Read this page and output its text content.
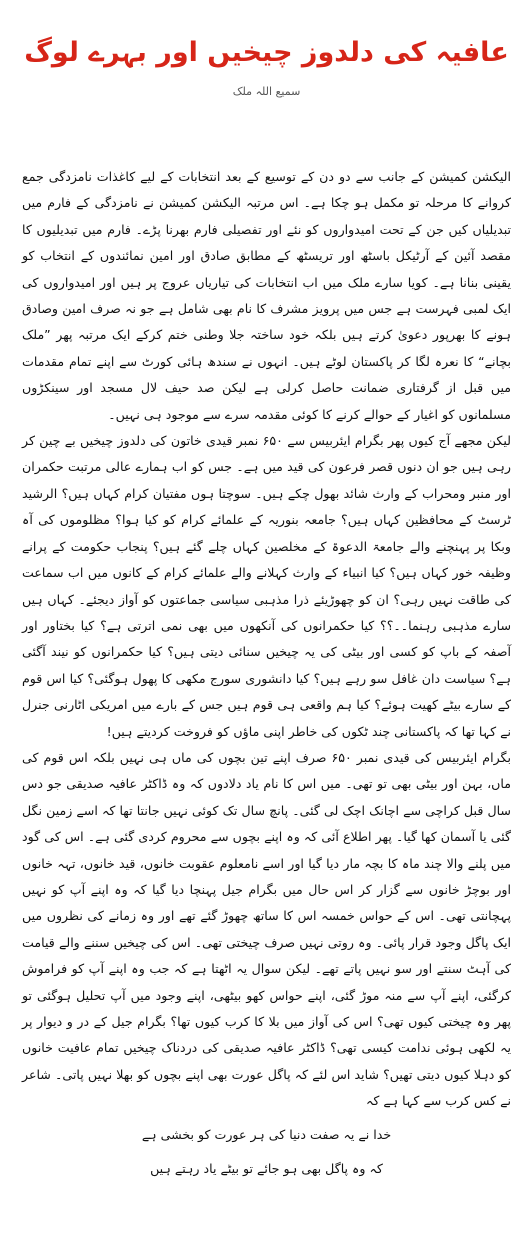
عافیہ کی دلدوز چیخیں اور بہرے لوگ
سمیع اللہ ملک

الیکشن کمیشن کے جانب سے دو دن کے توسیع کے بعد انتخابات کے لیے کاغذات نامزدگی جمع کروانے کا مرحلہ تو مکمل ہو چکا ہے۔ اس مرتبہ الیکشن کمیشن نے نامزدگی کے فارم میں تبدیلیاں کیں جن کے تحت امیدواروں کو نئے اور تفصیلی فارم بھرنا پڑے۔ فارم میں تبدیلیوں کا مقصد آئین کے آرٹیکل باسٹھ اور تریسٹھ کے مطابق صادق اور امین نمائندوں کے انتخاب کو یقینی بنانا ہے۔ کویا سارے ملک میں اب انتخابات کی تیاریاں عروج پر ہیں اور امیدواروں کی ایک لمبی فہرست ہے جس میں پرویز مشرف کا نام بھی شامل ہے جو نہ صرف امین وصادق ہونے کا بھرپور دعویٰ کرتے ہیں بلکہ خود ساختہ جلا وطنی ختم کرکے ایک مرتبہ پھر ”ملک بچانے“ کا نعرہ لگا کر پاکستان لوٹے ہیں۔ انہوں نے سندھ ہائی کورٹ سے اپنے تمام مقدمات میں قبل از گرفتاری ضمانت حاصل کرلی ہے لیکن صد حیف لال مسجد اور سینکڑوں مسلمانوں کو اغیار کے حوالے کرنے کا کوئی مقدمہ سرے سے موجود ہی نہیں۔

لیکن مجھے آج کیوں پھر بگرام ایئربیس سے ۶۵۰ نمبر قیدی خاتون کی دلدوز چیخیں بے چین کر رہی ہیں جو ان دنوں قصر فرعون کی قید میں ہے۔ جس کو اب ہمارے عالی مرتبت حکمران اور منبر ومحراب کے وارث شائد بھول چکے ہیں۔ سوچتا ہوں مفتیان کرام کہاں ہیں؟ الرشید ٹرسٹ کے محافظین کہاں ہیں؟ جامعہ بنوریہ کے علمائے کرام کو کیا ہوا؟ مظلوموں کی آہ وبکا پر پہنچنے والے جامعۃ الدعوۃ کے مخلصین کہاں چلے گئے ہیں؟ پنجاب حکومت کے پرانے وظیفہ خور کہاں ہیں؟ کیا انبیاء کے وارث کہلانے والے علمائے کرام کے کانوں میں اب سماعت کی طاقت نہیں رہی؟ ان کو چھوڑیئے ذرا مذہبی سیاسی جماعتوں کو آواز دیجئے۔ کہاں ہیں سارے مذہبی رہنما۔۔؟؟ کیا حکمرانوں کی آنکھوں میں بھی نمی اترتی ہے؟ کیا بختاور اور آصفہ کے باپ کو کسی اور بیٹی کی یہ چیخیں سنائی دیتی ہیں؟ کیا حکمرانوں کو نیند آگئی ہے؟ سیاست دان غافل سو رہے ہیں؟ کیا دانشوری سورج مکھی کا پھول ہوگئی؟ کیا اس قوم کے سارے بیٹے کھیت ہوئے؟ کیا ہم واقعی ہی قوم ہیں جس کے بارے میں امریکی اٹارنی جنرل نے کہا تھا کہ پاکستانی چند ٹکوں کی خاطر اپنی ماؤں کو فروخت کردیتے ہیں!

بگرام ایئربیس کی قیدی نمبر ۶۵۰ صرف اپنے تین بچوں کی ماں ہی نہیں بلکہ اس قوم کی ماں، بہن اور بیٹی بھی تو تھی۔ میں اس کا نام یاد دلادوں کہ وہ ڈاکٹر عافیہ صدیقی جو دس سال قبل کراچی سے اچانک اچک لی گئی۔ پانچ سال تک کوئی نہیں جانتا تھا کہ اسے زمین نگل گئی یا آسمان کھا گیا۔ پھر اطلاع آئی کہ وہ اپنے بچوں سے محروم کردی گئی ہے۔ اس کی گود میں پلنے والا چند ماہ کا بچہ مار دیا گیا اور اسے نامعلوم عقوبت خانوں، قید خانوں، تہہ خانوں اور بوچڑ خانوں سے گزار کر اس حال میں بگرام جیل پہنچا دیا گیا کہ وہ اپنے آپ کو نہیں پہچانتی تھی۔ اس کے حواس خمسہ اس کا ساتھ چھوڑ گئے تھے اور وہ زمانے کی نظروں میں ایک پاگل وجود قرار پائی۔ وہ روتی نہیں صرف چیختی تھی۔ اس کی چیخیں سننے والے قیامت کی آہٹ سنتے اور سو نہیں پاتے تھے۔ لیکن سوال یہ اٹھتا ہے کہ جب وہ اپنے آپ کو فراموش کرگئی، اپنے آپ سے منہ موڑ گئی، اپنے حواس کھو بیٹھی، اپنے وجود میں آپ تحلیل ہوگئی تو پھر وہ چیختی کیوں تھی؟ اس کی آواز میں بلا کا کرب کیوں تھا؟ بگرام جیل کے در و دیوار پر یہ لکھی ہوئی ندامت کیسی تھی؟ ڈاکٹر عافیہ صدیقی کی دردناک چیخیں تمام عافیت خانوں کو دہلا کیوں دیتی تھیں؟ شاید اس لئے کہ پاگل عورت بھی اپنے بچوں کو بھلا نہیں پاتی۔ شاعر نے کس کرب سے کہا ہے کہ

خدا نے یہ صفت دنیا کی ہر عورت کو بخشی ہے

کہ وہ پاگل بھی ہو جائے تو بیٹے یاد رہتے ہیں
